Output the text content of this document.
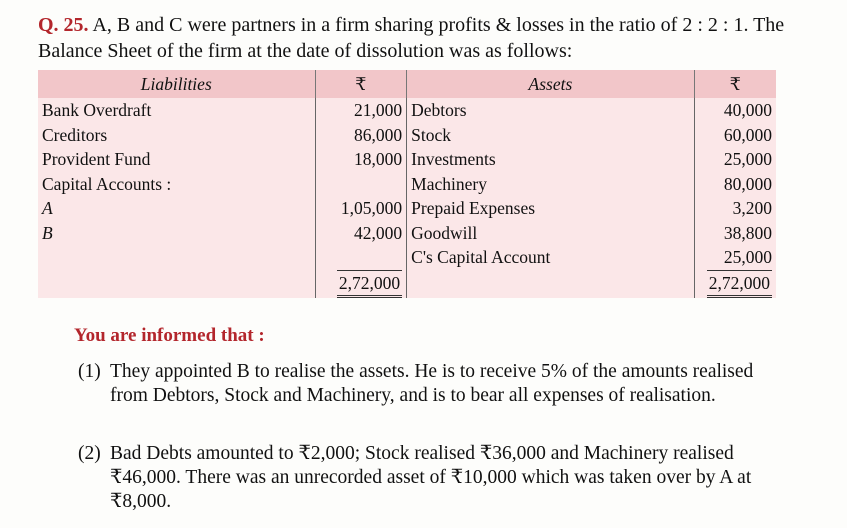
Q. 25. A, B and C were partners in a firm sharing profits & losses in the ratio of 2 : 2 : 1. The Balance Sheet of the firm at the date of dissolution was as follows:
Liabilities	₹	Assets	₹
Bank Overdraft	21,000	Debtors	40,000
Creditors	86,000	Stock	60,000
Provident Fund	18,000	Investments	25,000
Capital Accounts :		Machinery	80,000
A	1,05,000	Prepaid Expenses	3,200
B	42,000	Goodwill	38,800
		C's Capital Account	25,000
	2,72,000		2,72,000
You are informed that :
(1) They appointed B to realise the assets. He is to receive 5% of the amounts realised from Debtors, Stock and Machinery, and is to bear all expenses of realisation.
(2) Bad Debts amounted to ₹2,000; Stock realised ₹36,000 and Machinery realised ₹46,000. There was an unrecorded asset of ₹10,000 which was taken over by A at ₹8,000.
